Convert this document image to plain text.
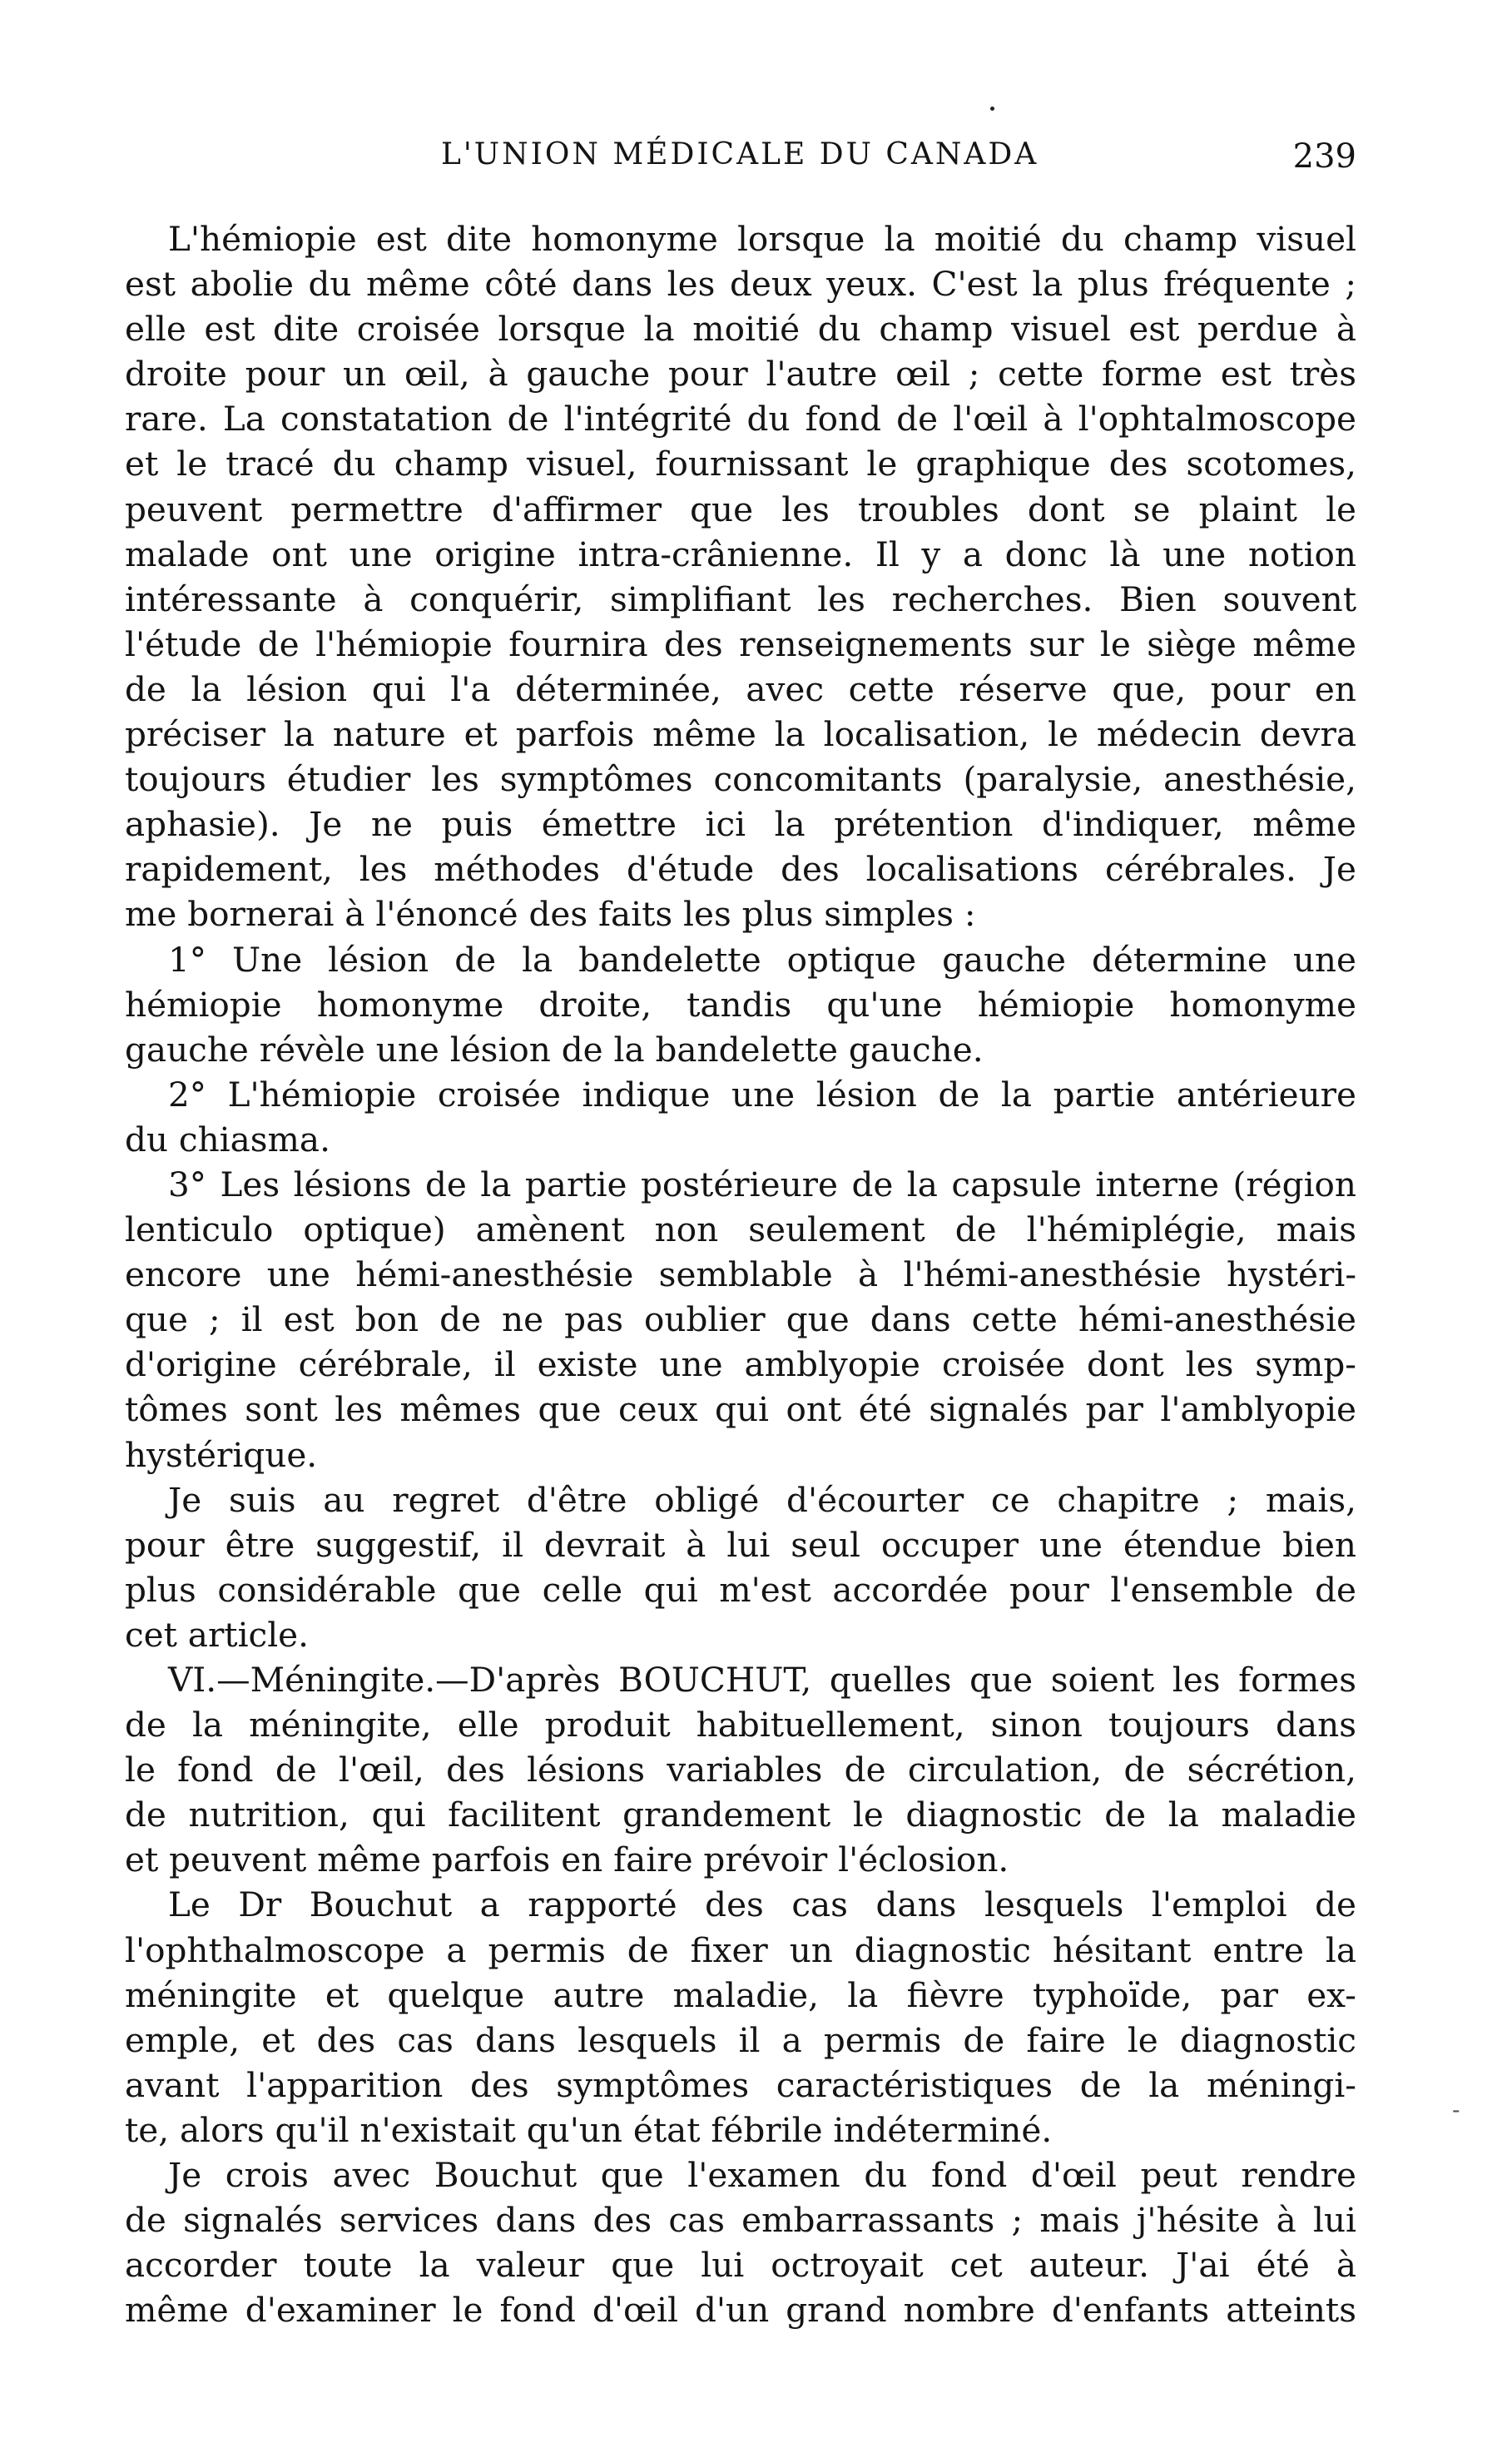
L'UNION MÉDICALE DU CANADA	239
L'hémiopie est dite homonyme lorsque la moitié du champ visuel
est abolie du même côté dans les deux yeux. C'est la plus fréquente ;
elle est dite croisée lorsque la moitié du champ visuel est perdue à
droite pour un œil, à gauche pour l'autre œil ; cette forme est très
rare. La constatation de l'intégrité du fond de l'œil à l'ophtalmoscope
et le tracé du champ visuel, fournissant le graphique des scotomes,
peuvent permettre d'affirmer que les troubles dont se plaint le
malade ont une origine intra-crânienne. Il y a donc là une notion
intéressante à conquérir, simplifiant les recherches. Bien souvent
l'étude de l'hémiopie fournira des renseignements sur le siège même
de la lésion qui l'a déterminée, avec cette réserve que, pour en
préciser la nature et parfois même la localisation, le médecin devra
toujours étudier les symptômes concomitants (paralysie, anesthésie,
aphasie). Je ne puis émettre ici la prétention d'indiquer, même
rapidement, les méthodes d'étude des localisations cérébrales. Je
me bornerai à l'énoncé des faits les plus simples :
1° Une lésion de la bandelette optique gauche détermine une
hémiopie homonyme droite, tandis qu'une hémiopie homonyme
gauche révèle une lésion de la bandelette gauche.
2° L'hémiopie croisée indique une lésion de la partie antérieure
du chiasma.
3° Les lésions de la partie postérieure de la capsule interne (région
lenticulo optique) amènent non seulement de l'hémiplégie, mais
encore une hémi-anesthésie semblable à l'hémi-anesthésie hystéri-
que ; il est bon de ne pas oublier que dans cette hémi-anesthésie
d'origine cérébrale, il existe une amblyopie croisée dont les symp-
tômes sont les mêmes que ceux qui ont été signalés par l'amblyopie
hystérique.
Je suis au regret d'être obligé d'écourter ce chapitre ; mais,
pour être suggestif, il devrait à lui seul occuper une étendue bien
plus considérable que celle qui m'est accordée pour l'ensemble de
cet article.
VI.—Méningite.—D'après BOUCHUT, quelles que soient les formes
de la méningite, elle produit habituellement, sinon toujours dans
le fond de l'œil, des lésions variables de circulation, de sécrétion,
de nutrition, qui facilitent grandement le diagnostic de la maladie
et peuvent même parfois en faire prévoir l'éclosion.
Le Dr Bouchut a rapporté des cas dans lesquels l'emploi de
l'ophthalmoscope a permis de fixer un diagnostic hésitant entre la
méningite et quelque autre maladie, la fièvre typhoïde, par ex-
emple, et des cas dans lesquels il a permis de faire le diagnostic
avant l'apparition des symptômes caractéristiques de la méningi-
te, alors qu'il n'existait qu'un état fébrile indéterminé.
Je crois avec Bouchut que l'examen du fond d'œil peut rendre
de signalés services dans des cas embarrassants ; mais j'hésite à lui
accorder toute la valeur que lui octroyait cet auteur. J'ai été à
même d'examiner le fond d'œil d'un grand nombre d'enfants atteints
-
